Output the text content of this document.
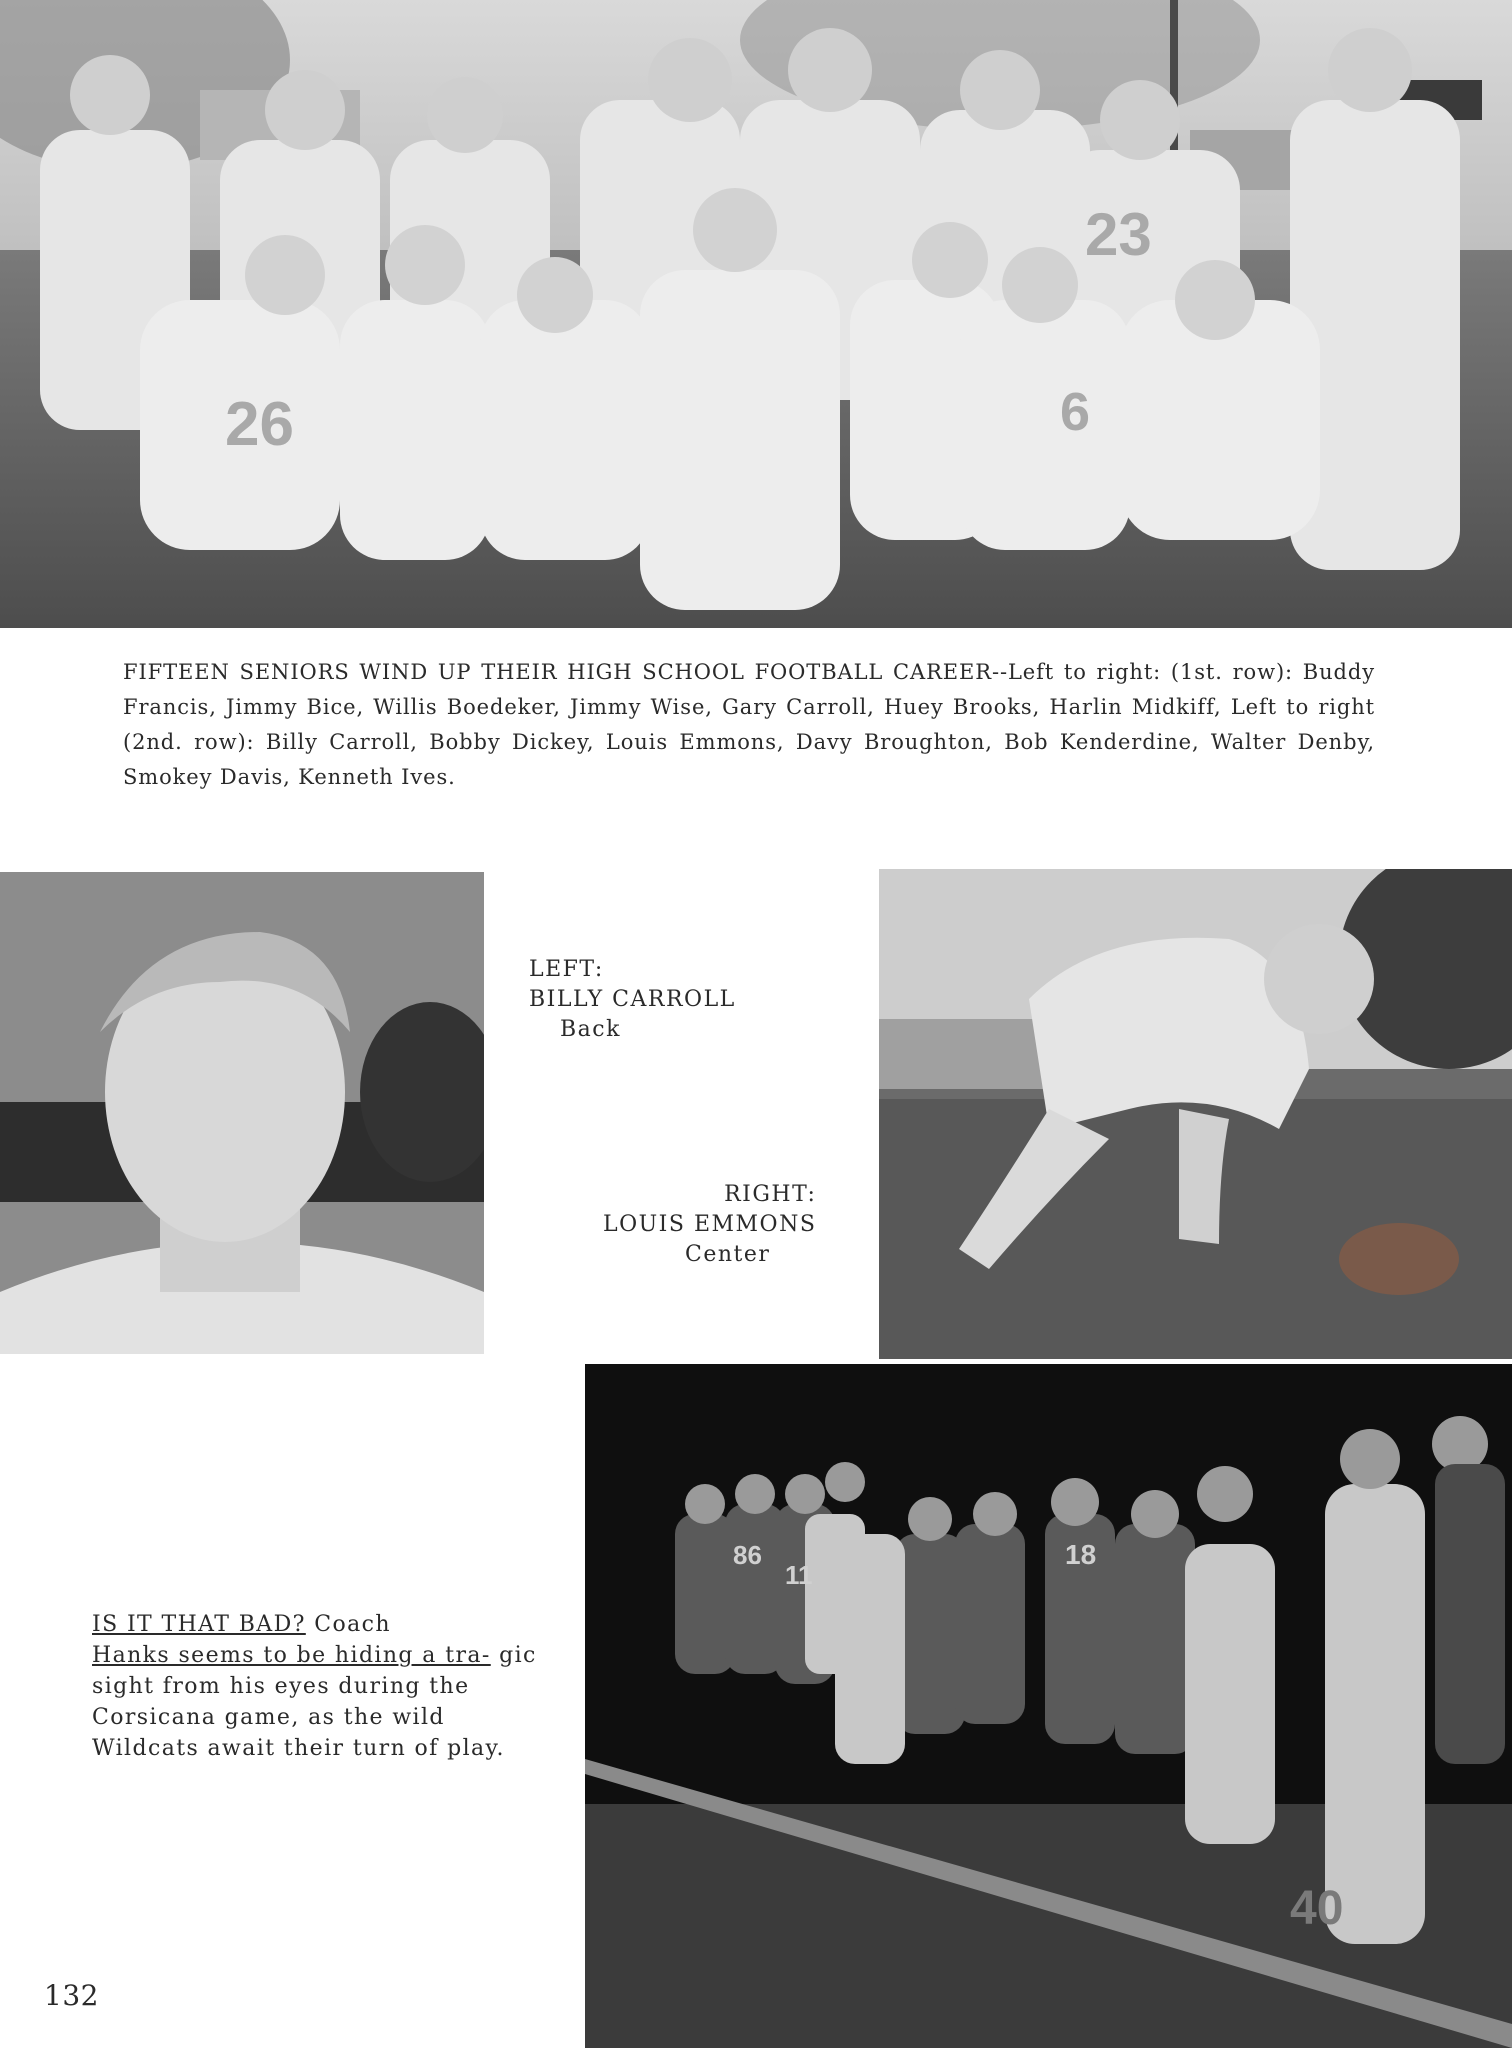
26
23
6

FIFTEEN SENIORS WIND UP THEIR HIGH SCHOOL FOOTBALL CAREER--Left to right: (1st. row): Buddy Francis, Jimmy Bice, Willis Boedeker, Jimmy Wise, Gary Carroll, Huey Brooks, Harlin Midkiff, Left to right (2nd. row): Billy Carroll, Bobby Dickey, Louis Emmons, Davy Broughton, Bob Kenderdine, Walter Denby, Smokey Davis, Kenneth Ives.

LEFT:
BILLY CARROLL
Back

RIGHT:
LOUIS EMMONS
Center

86
11
18
40

IS IT THAT BAD? Coach
Hanks seems to be hiding a tra- gic sight from his eyes during the Corsicana game, as the wild Wildcats await their turn of play.

132
